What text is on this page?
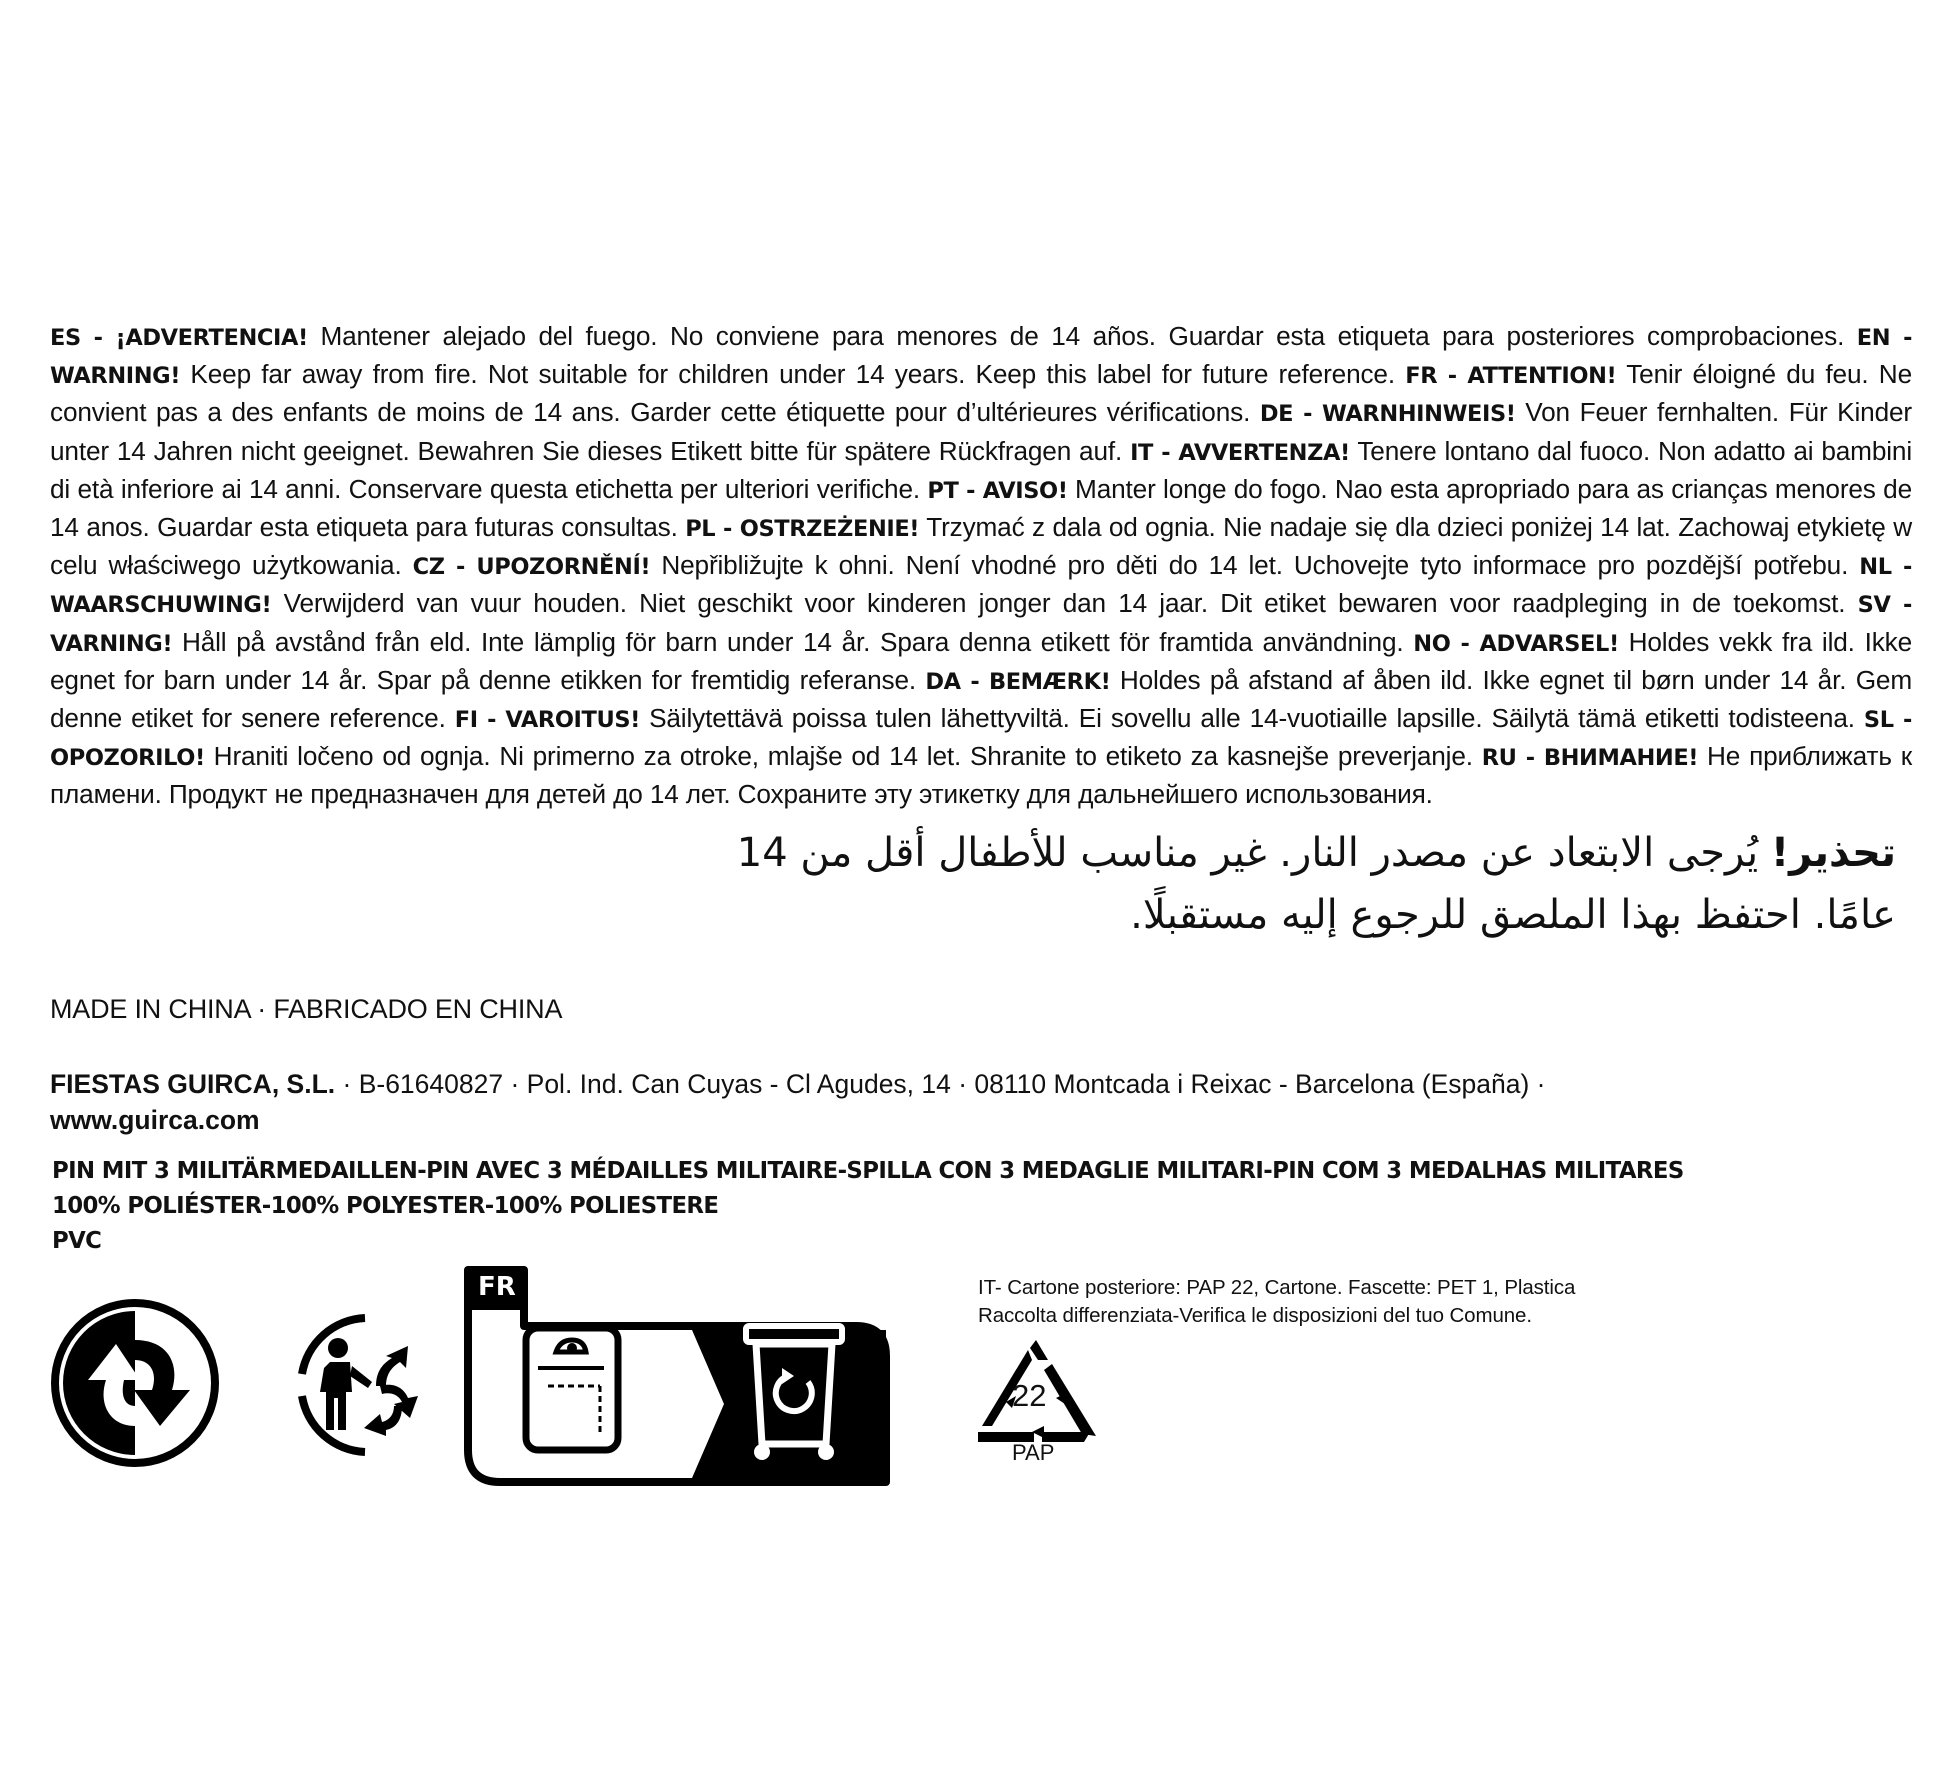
ES - ¡ADVERTENCIA! Mantener alejado del fuego. No conviene para menores de 14 años. Guardar esta etiqueta para posteriores comprobaciones. EN - WARNING! Keep far away from fire. Not suitable for children under 14 years. Keep this label for future reference. FR - ATTENTION! Tenir éloigné du feu. Ne convient pas a des enfants de moins de 14 ans. Garder cette étiquette pour d’ultérieures vérifications. DE - WARNHINWEIS! Von Feuer fernhalten. Für Kinder unter 14 Jahren nicht geeignet. Bewahren Sie dieses Etikett bitte für spätere Rückfragen auf. IT - AVVERTENZA! Tenere lontano dal fuoco. Non adatto ai bambini di età inferiore ai 14 anni. Conservare questa etichetta per ulteriori verifiche. PT - AVISO! Manter longe do fogo. Nao esta apropriado para as crianças menores de 14 anos. Guardar esta etiqueta para futuras consultas. PL - OSTRZEŻENIE! Trzymać z dala od ognia. Nie nadaje się dla dzieci poniżej 14 lat. Zachowaj etykietę w celu właściwego użytkowania. CZ - UPOZORNĚNÍ! Nepřibližujte k ohni. Není vhodné pro děti do 14 let. Uchovejte tyto informace pro pozdější potřebu. NL - WAARSCHUWING! Verwijderd van vuur houden. Niet geschikt voor kinderen jonger dan 14 jaar. Dit etiket bewaren voor raadpleging in de toekomst. SV - VARNING! Håll på avstånd från eld. Inte lämplig för barn under 14 år. Spara denna etikett för framtida användning. NO - ADVARSEL! Holdes vekk fra ild. Ikke egnet for barn under 14 år. Spar på denne etikken for fremtidig referanse. DA - BEMÆRK! Holdes på afstand af åben ild. Ikke egnet til børn under 14 år. Gem denne etiket for senere reference. FI - VAROITUS! Säilytettävä poissa tulen lähettyviltä. Ei sovellu alle 14-vuotiaille lapsille. Säilytä tämä etiketti todisteena. SL - OPOZORILO! Hraniti ločeno od ognja. Ni primerno za otroke, mlajše od 14 let. Shranite to etiketo za kasnejše preverjanje. RU - ВНИМАНИЕ! Не приближать к пламени. Продукт не предназначен для детей до 14 лет. Сохраните эту этикетку для дальнейшего использования.
تحذير! يُرجى الابتعاد عن مصدر النار. غير مناسب للأطفال أقل من 14 عامًا. احتفظ بهذا الملصق للرجوع إليه مستقبلًا.
MADE IN CHINA · FABRICADO EN CHINA
FIESTAS GUIRCA, S.L. · B-61640827 · Pol. Ind. Can Cuyas - Cl Agudes, 14 · 08110 Montcada i Reixac - Barcelona (España) ·
www.guirca.com
PIN MIT 3 MILITÄRMEDAILLEN-PIN AVEC 3 MÉDAILLES MILITAIRE-SPILLA CON 3 MEDAGLIE MILITARI-PIN COM 3 MEDALHAS MILITARES
100% POLIÉSTER-100% POLYESTER-100% POLIESTERE
PVC
FR	IT- Cartone posteriore: PAP 22, Cartone. Fascette: PET 1, Plastica
Raccolta differenziata-Verifica le disposizioni del tuo Comune.
22
PAP
